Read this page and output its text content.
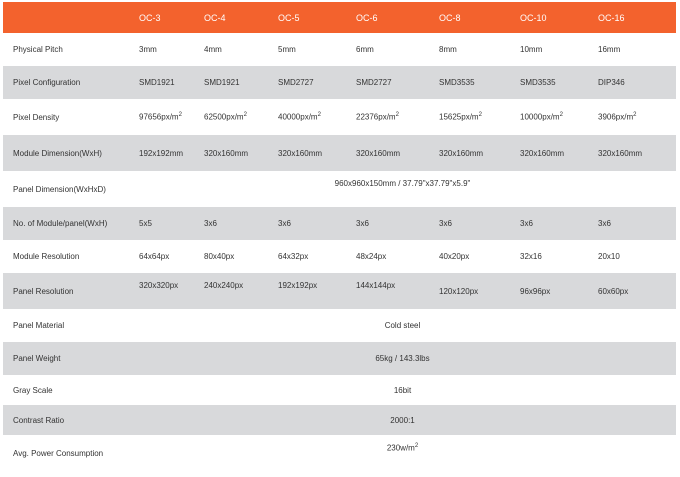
	OC-3	OC-4	OC-5	OC-6	OC-8	OC-10	OC-16
Physical Pitch	3mm	4mm	5mm	6mm	8mm	10mm	16mm
Pixel Configuration	SMD1921	SMD1921	SMD2727	SMD2727	SMD3535	SMD3535	DIP346
Pixel Density	$97656px/m^2$	$62500px/m^2$	$40000px/m^2$	$22376px/m^2$	$15625px/m^2$	$10000px/m^2$	$3906px/m^2$
Module Dimension(WxH)	192x192mm	320x160mm	320x160mm	320x160mm	320x160mm	320x160mm	320x160mm
Panel Dimension(WxHxD)	960x960x150mm / 37.79"x37.79"x5.9"						
No. of Module/panel(WxH)	5x5	3x6	3x6	3x6	3x6	3x6	3x6
Module Resolution	64x64px	80x40px	64x32px	48x24px	40x20px	32x16	20x10
Panel Resolution	320x320px	240x240px	192x192px	144x144px	120x120px	96x96px	60x60px
Panel Material	Cold steel						
Panel Weight	65kg / 143.3lbs						
Gray Scale	16bit						
Contrast Ratio	2000:1						
Avg. Power Consumption	$230w/m^2$
